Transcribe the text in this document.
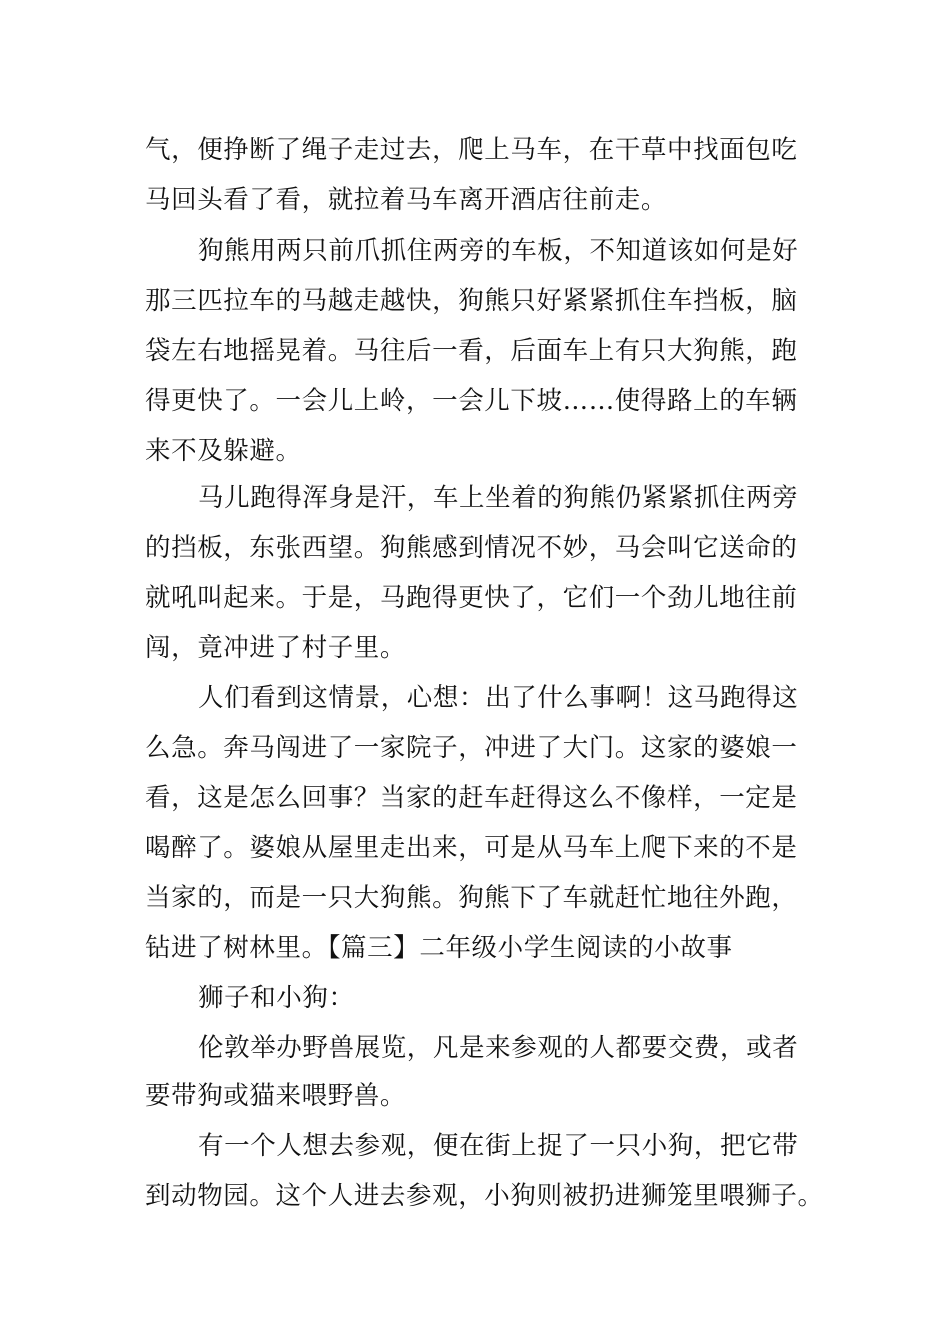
气，便挣断了绳子走过去，爬上马车，在干草中找面包吃
马回头看了看，就拉着马车离开酒店往前走。
狗熊用两只前爪抓住两旁的车板，不知道该如何是好
那三匹拉车的马越走越快，狗熊只好紧紧抓住车挡板，脑
袋左右地摇晃着。马往后一看，后面车上有只大狗熊，跑
得更快了。一会儿上岭，一会儿下坡……使得路上的车辆
来不及躲避。
马儿跑得浑身是汗，车上坐着的狗熊仍紧紧抓住两旁
的挡板，东张西望。狗熊感到情况不妙，马会叫它送命的
就吼叫起来。于是，马跑得更快了，它们一个劲儿地往前
闯，竟冲进了村子里。
人们看到这情景，心想：出了什么事啊！这马跑得这
么急。奔马闯进了一家院子，冲进了大门。这家的婆娘一
看，这是怎么回事？当家的赶车赶得这么不像样，一定是
喝醉了。婆娘从屋里走出来，可是从马车上爬下来的不是
当家的，而是一只大狗熊。狗熊下了车就赶忙地往外跑，
钻进了树林里。【篇三】二年级小学生阅读的小故事
狮子和小狗：
伦敦举办野兽展览，凡是来参观的人都要交费，或者
要带狗或猫来喂野兽。
有一个人想去参观，便在街上捉了一只小狗，把它带
到动物园。这个人进去参观，小狗则被扔进狮笼里喂狮子。
